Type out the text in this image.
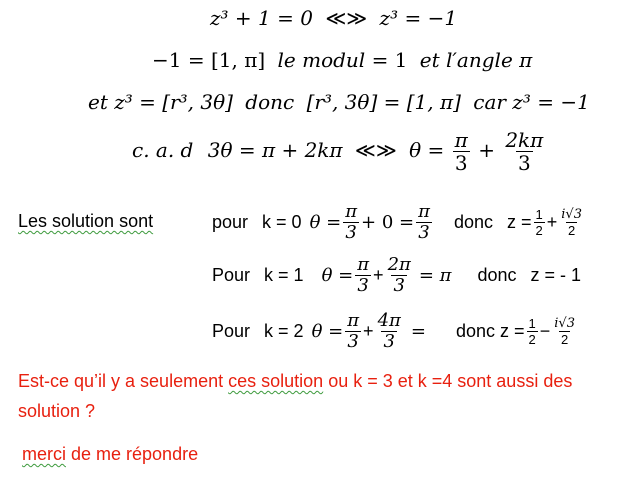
z³ + 1 = 0 ≪≫ z³ = −1
−1 = [1, π] le modul = 1 et l′angle π
et z³ = [r³, 3θ] donc [r³, 3θ] = [1, π] car z³ = −1
c. a. d 3θ = π + 2kπ ≪≫ $\theta = \frac{\pi}{3} + \frac{2k\pi}{3}$
Les solution sont	pour k = 0 $\theta = \frac{\pi}{3} + 0 = \frac{\pi}{3}$ donc $z = \frac{1}{2} + \frac{i√3}{2}$
Pour k = 1 $\theta = \frac{\pi}{3} + \frac{2\pi}{3} = \pi$ donc z = - 1
Pour k = 2 $\theta = \frac{\pi}{3} + \frac{4\pi}{3}$ = donc $z = \frac{1}{2} - \frac{i√3}{2}$
Est-ce qu’il y a seulement ces solution ou k = 3 et k =4 sont aussi des
solution ?
merci de me répondre
